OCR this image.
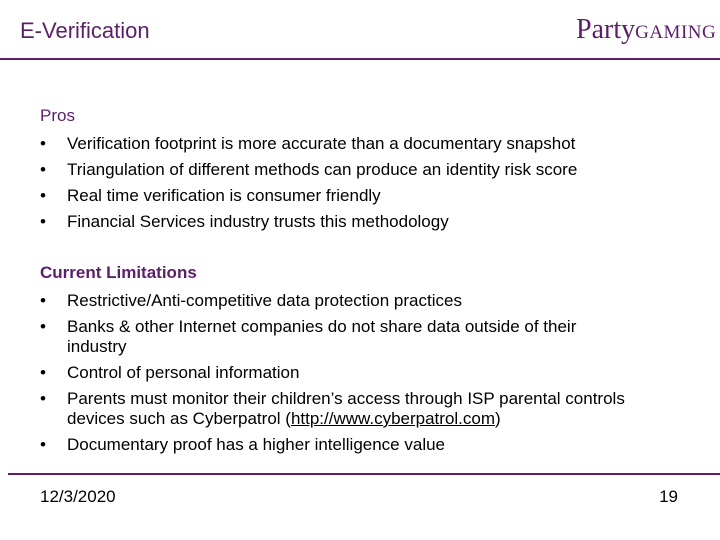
E-Verification	PartyGAMING
Pros
• Verification footprint is more accurate than a documentary snapshot
• Triangulation of different methods can produce an identity risk score
• Real time verification is consumer friendly
• Financial Services industry trusts this methodology
Current Limitations
• Restrictive/Anti-competitive data protection practices
• Banks & other Internet companies do not share data outside of their
industry
• Control of personal information
• Parents must monitor their children’s access through ISP parental controls
devices such as Cyberpatrol (http://www.cyberpatrol.com)
• Documentary proof has a higher intelligence value
12/3/2020	19
